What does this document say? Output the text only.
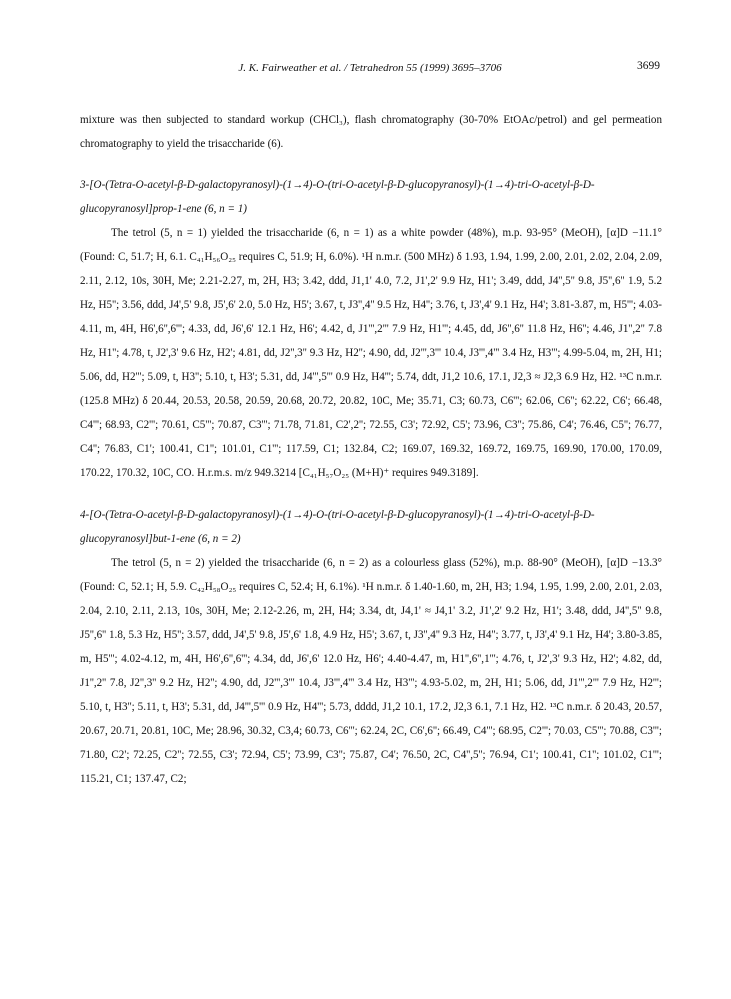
J. K. Fairweather et al. / Tetrahedron 55 (1999) 3695–3706	3699

mixture was then subjected to standard workup (CHCl₃), flash chromatography (30-70% EtOAc/petrol) and gel permeation chromatography to yield the trisaccharide (6).

3-[O-(Tetra-O-acetyl-β-D-galactopyranosyl)-(1→4)-O-(tri-O-acetyl-β-D-glucopyranosyl)-(1→4)-tri-O-acetyl-β-D-glucopyranosyl]prop-1-ene (6, n = 1)

The tetrol (5, n = 1) yielded the trisaccharide (6, n = 1) as a white powder (48%), m.p. 93-95° (MeOH), [α]D −11.1° (Found: C, 51.7; H, 6.1. C₄₁H₅₆O₂₅ requires C, 51.9; H, 6.0%). ¹H n.m.r. (500 MHz) δ 1.93, 1.94, 1.99, 2.00, 2.01, 2.02, 2.04, 2.09, 2.11, 2.12, 10s, 30H, Me; 2.21-2.27, m, 2H, H3; 3.42, ddd, J1,1' 4.0, 7.2, J1',2' 9.9 Hz, H1'; 3.49, ddd, J4'',5'' 9.8, J5'',6'' 1.9, 5.2 Hz, H5''; 3.56, ddd, J4',5' 9.8, J5',6' 2.0, 5.0 Hz, H5'; 3.67, t, J3'',4'' 9.5 Hz, H4''; 3.76, t, J3',4' 9.1 Hz, H4'; 3.81-3.87, m, H5'''; 4.03-4.11, m, 4H, H6',6'',6'''; 4.33, dd, J6',6' 12.1 Hz, H6'; 4.42, d, J1''',2''' 7.9 Hz, H1'''; 4.45, dd, J6'',6'' 11.8 Hz, H6''; 4.46, J1'',2'' 7.8 Hz, H1''; 4.78, t, J2',3' 9.6 Hz, H2'; 4.81, dd, J2'',3'' 9.3 Hz, H2''; 4.90, dd, J2''',3''' 10.4, J3''',4''' 3.4 Hz, H3'''; 4.99-5.04, m, 2H, H1; 5.06, dd, H2'''; 5.09, t, H3''; 5.10, t, H3'; 5.31, dd, J4''',5''' 0.9 Hz, H4'''; 5.74, ddt, J1,2 10.6, 17.1, J2,3 ≈ J2,3 6.9 Hz, H2. ¹³C n.m.r. (125.8 MHz) δ 20.44, 20.53, 20.58, 20.59, 20.68, 20.72, 20.82, 10C, Me; 35.71, C3; 60.73, C6'''; 62.06, C6''; 62.22, C6'; 66.48, C4'''; 68.93, C2'''; 70.61, C5'''; 70.87, C3'''; 71.78, 71.81, C2',2''; 72.55, C3'; 72.92, C5'; 73.96, C3''; 75.86, C4'; 76.46, C5''; 76.77, C4''; 76.83, C1'; 100.41, C1''; 101.01, C1'''; 117.59, C1; 132.84, C2; 169.07, 169.32, 169.72, 169.75, 169.90, 170.00, 170.09, 170.22, 170.32, 10C, CO. H.r.m.s. m/z 949.3214 [C₄₁H₅₇O₂₅ (M+H)⁺ requires 949.3189].

4-[O-(Tetra-O-acetyl-β-D-galactopyranosyl)-(1→4)-O-(tri-O-acetyl-β-D-glucopyranosyl)-(1→4)-tri-O-acetyl-β-D-glucopyranosyl]but-1-ene (6, n = 2)

The tetrol (5, n = 2) yielded the trisaccharide (6, n = 2) as a colourless glass (52%), m.p. 88-90° (MeOH), [α]D −13.3° (Found: C, 52.1; H, 5.9. C₄₂H₅₈O₂₅ requires C, 52.4; H, 6.1%). ¹H n.m.r. δ 1.40-1.60, m, 2H, H3; 1.94, 1.95, 1.99, 2.00, 2.01, 2.03, 2.04, 2.10, 2.11, 2.13, 10s, 30H, Me; 2.12-2.26, m, 2H, H4; 3.34, dt, J4,1' ≈ J4,1' 3.2, J1',2' 9.2 Hz, H1'; 3.48, ddd, J4'',5'' 9.8, J5'',6'' 1.8, 5.3 Hz, H5''; 3.57, ddd, J4',5' 9.8, J5',6' 1.8, 4.9 Hz, H5'; 3.67, t, J3'',4'' 9.3 Hz, H4''; 3.77, t, J3',4' 9.1 Hz, H4'; 3.80-3.85, m, H5'''; 4.02-4.12, m, 4H, H6',6'',6'''; 4.34, dd, J6',6' 12.0 Hz, H6'; 4.40-4.47, m, H1'',6'',1'''; 4.76, t, J2',3' 9.3 Hz, H2'; 4.82, dd, J1'',2'' 7.8, J2'',3'' 9.2 Hz, H2''; 4.90, dd, J2''',3''' 10.4, J3''',4''' 3.4 Hz, H3'''; 4.93-5.02, m, 2H, H1; 5.06, dd, J1''',2''' 7.9 Hz, H2'''; 5.10, t, H3''; 5.11, t, H3'; 5.31, dd, J4''',5''' 0.9 Hz, H4'''; 5.73, dddd, J1,2 10.1, 17.2, J2,3 6.1, 7.1 Hz, H2. ¹³C n.m.r. δ 20.43, 20.57, 20.67, 20.71, 20.81, 10C, Me; 28.96, 30.32, C3,4; 60.73, C6'''; 62.24, 2C, C6',6''; 66.49, C4'''; 68.95, C2'''; 70.03, C5'''; 70.88, C3'''; 71.80, C2'; 72.25, C2''; 72.55, C3'; 72.94, C5'; 73.99, C3''; 75.87, C4'; 76.50, 2C, C4'',5''; 76.94, C1'; 100.41, C1''; 101.02, C1'''; 115.21, C1; 137.47, C2;
